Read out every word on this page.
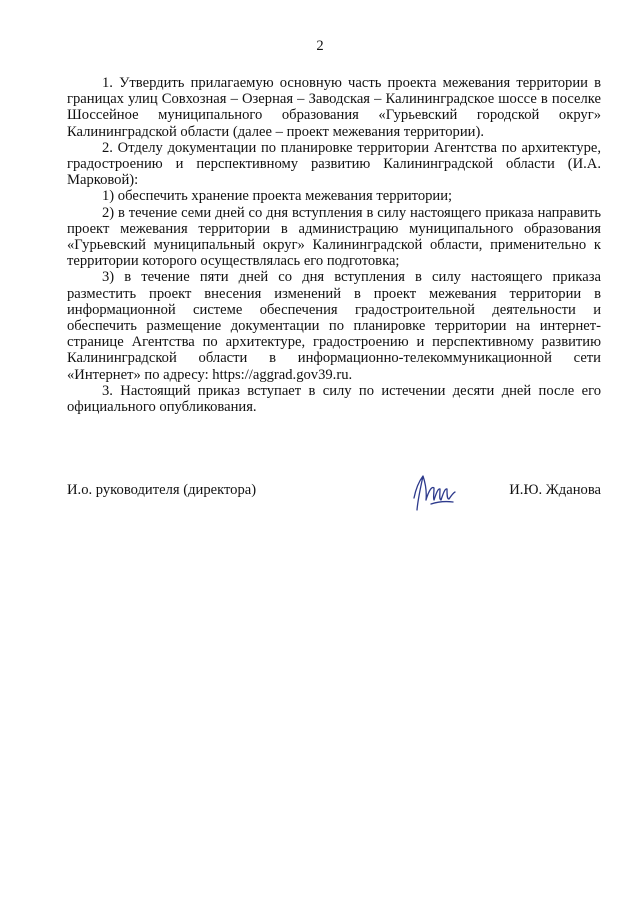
2

1. Утвердить прилагаемую основную часть проекта межевания территории в границах улиц Совхозная – Озерная – Заводская – Калининградское шоссе в поселке Шоссейное муниципального образования «Гурьевский городской округ» Калининградской области (далее – проект межевания территории).

2. Отделу документации по планировке территории Агентства по архитектуре, градостроению и перспективному развитию Калининградской области (И.А. Марковой):

1) обеспечить хранение проекта межевания территории;

2) в течение семи дней со дня вступления в силу настоящего приказа направить проект межевания территории в администрацию муниципального образования «Гурьевский муниципальный округ» Калининградской области, применительно к территории которого осуществлялась его подготовка;

3) в течение пяти дней со дня вступления в силу настоящего приказа разместить проект внесения изменений в проект межевания территории в информационной системе обеспечения градостроительной деятельности и обеспечить размещение документации по планировке территории на интернет-странице Агентства по архитектуре, градостроению и перспективному развитию Калининградской области в информационно-телекоммуникационной сети «Интернет» по адресу: https://aggrad.gov39.ru.

3. Настоящий приказ вступает в силу по истечении десяти дней после его официального опубликования.

И.о. руководителя (директора)	И.Ю. Жданова
